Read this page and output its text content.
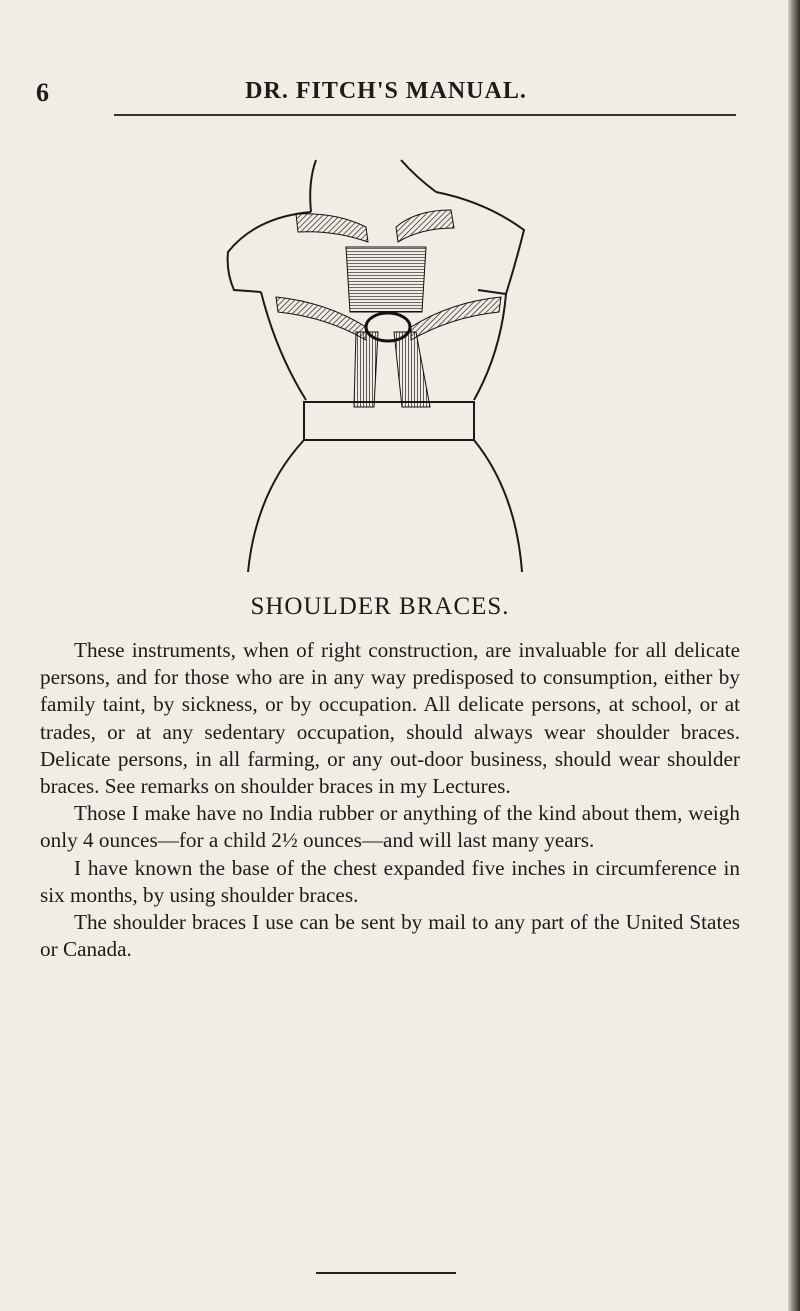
6	DR. FITCH'S MANUAL.
SHOULDER BRACES.

These instruments, when of right construction, are invaluable for all delicate persons, and for those who are in any way predisposed to consumption, either by family taint, by sickness, or by occupation. All delicate persons, at school, or at trades, or at any sedentary occupation, should always wear shoulder braces. Delicate persons, in all farming, or any out-door business, should wear shoulder braces. See remarks on shoulder braces in my Lectures.

Those I make have no India rubber or anything of the kind about them, weigh only 4 ounces—for a child 2½ ounces—and will last many years.

I have known the base of the chest expanded five inches in circumference in six months, by using shoulder braces.

The shoulder braces I use can be sent by mail to any part of the United States or Canada.
